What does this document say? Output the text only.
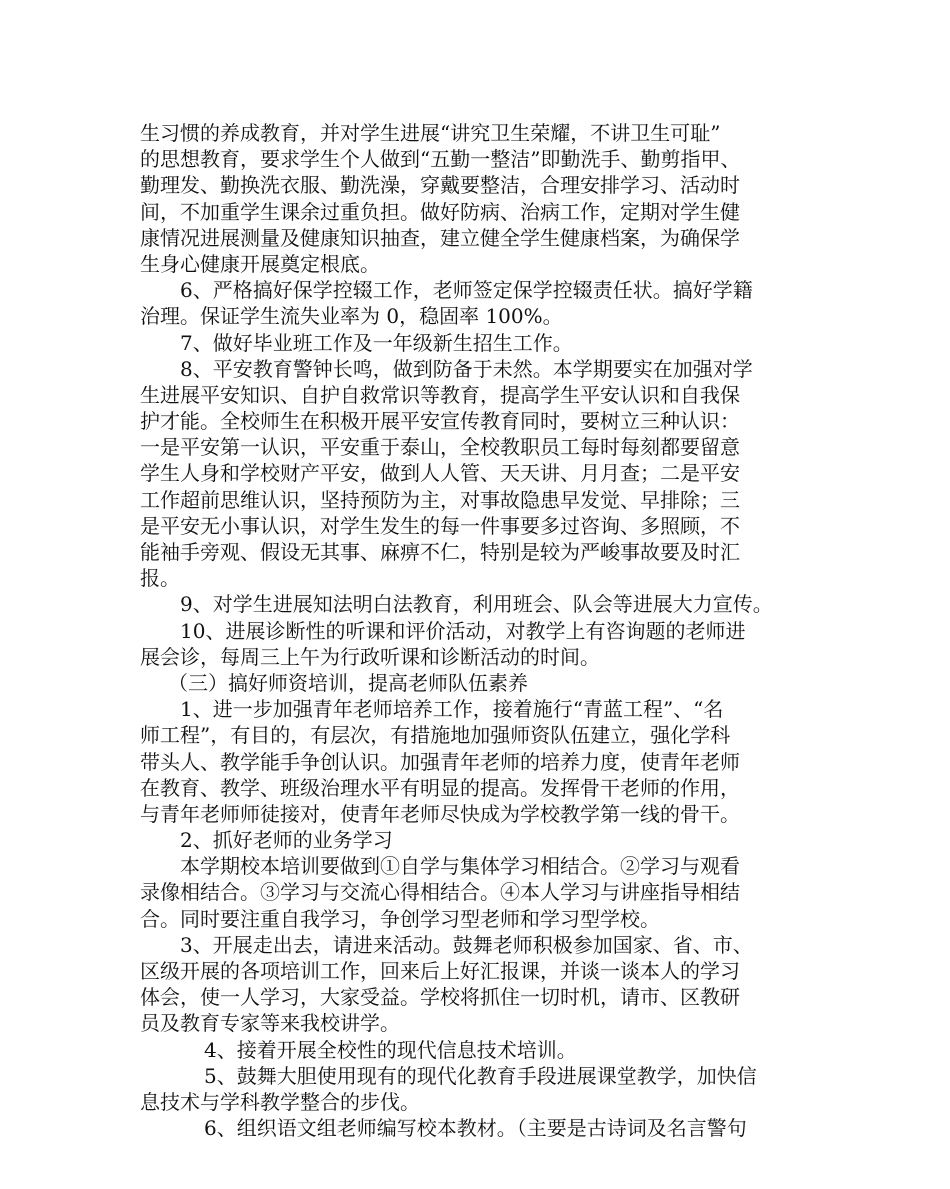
生习惯的养成教育，并对学生进展“讲究卫生荣耀，不讲卫生可耻”
的思想教育，要求学生个人做到“五勤一整洁”即勤洗手、勤剪指甲、
勤理发、勤换洗衣服、勤洗澡，穿戴要整洁，合理安排学习、活动时
间，不加重学生课余过重负担。做好防病、治病工作，定期对学生健
康情况进展测量及健康知识抽查，建立健全学生健康档案，为确保学
生身心健康开展奠定根底。
6、严格搞好保学控辍工作，老师签定保学控辍责任状。搞好学籍
治理。保证学生流失业率为 0，稳固率 100%。
7、做好毕业班工作及一年级新生招生工作。
8、平安教育警钟长鸣，做到防备于未然。本学期要实在加强对学
生进展平安知识、自护自救常识等教育，提高学生平安认识和自我保
护才能。全校师生在积极开展平安宣传教育同时，要树立三种认识：
一是平安第一认识，平安重于泰山，全校教职员工每时每刻都要留意
学生人身和学校财产平安，做到人人管、天天讲、月月查；二是平安
工作超前思维认识，坚持预防为主，对事故隐患早发觉、早排除；三
是平安无小事认识，对学生发生的每一件事要多过咨询、多照顾，不
能袖手旁观、假设无其事、麻痹不仁，特别是较为严峻事故要及时汇
报。
9、对学生进展知法明白法教育，利用班会、队会等进展大力宣传。
10、进展诊断性的听课和评价活动，对教学上有咨询题的老师进
展会诊，每周三上午为行政听课和诊断活动的时间。
（三）搞好师资培训，提高老师队伍素养
1、进一步加强青年老师培养工作，接着施行“青蓝工程”、“名
师工程”，有目的，有层次，有措施地加强师资队伍建立，强化学科
带头人、教学能手争创认识。加强青年老师的培养力度，使青年老师
在教育、教学、班级治理水平有明显的提高。发挥骨干老师的作用，
与青年老师师徒接对，使青年老师尽快成为学校教学第一线的骨干。
2、抓好老师的业务学习
本学期校本培训要做到①自学与集体学习相结合。②学习与观看
录像相结合。③学习与交流心得相结合。④本人学习与讲座指导相结
合。同时要注重自我学习，争创学习型老师和学习型学校。
3、开展走出去，请进来活动。鼓舞老师积极参加国家、省、市、
区级开展的各项培训工作，回来后上好汇报课，并谈一谈本人的学习
体会，使一人学习，大家受益。学校将抓住一切时机，请市、区教研
员及教育专家等来我校讲学。
4、接着开展全校性的现代信息技术培训。
5、鼓舞大胆使用现有的现代化教育手段进展课堂教学，加快信
息技术与学科教学整合的步伐。
6、组织语文组老师编写校本教材。（主要是古诗词及名言警句
